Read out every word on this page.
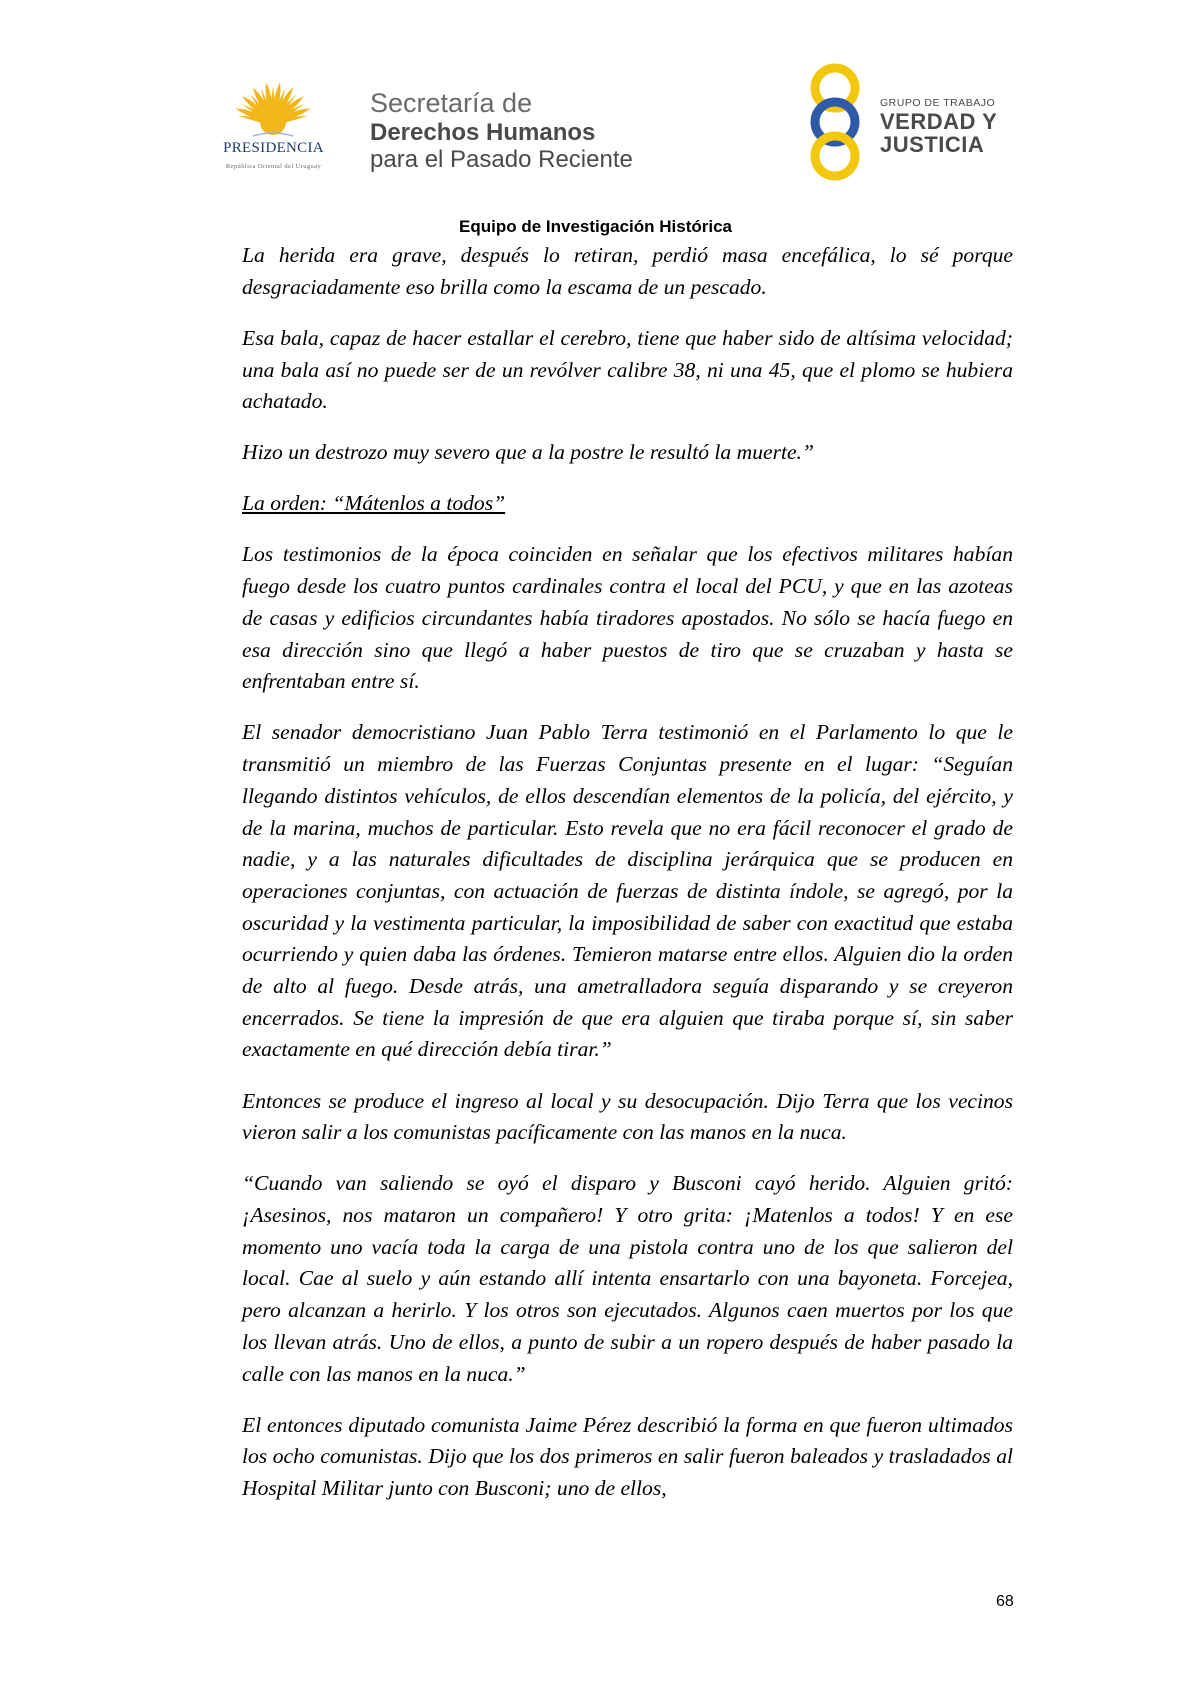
PRESIDENCIA
República Oriental del Uruguay
Secretaría de
Derechos Humanos
para el Pasado Reciente
GRUPO DE TRABAJO
VERDAD Y
JUSTICIA
Equipo de Investigación Histórica

La herida era grave, después lo retiran, perdió masa encefálica, lo sé porque desgraciadamente eso brilla como la escama de un pescado.

Esa bala, capaz de hacer estallar el cerebro, tiene que haber sido de altísima velocidad; una bala así no puede ser de un revólver calibre 38, ni una 45, que el plomo se hubiera achatado.

Hizo un destrozo muy severo que a la postre le resultó la muerte.”

La orden: “Mátenlos a todos”

Los testimonios de la época coinciden en señalar que los efectivos militares habían fuego desde los cuatro puntos cardinales contra el local del PCU, y que en las azoteas de casas y edificios circundantes había tiradores apostados. No sólo se hacía fuego en esa dirección sino que llegó a haber puestos de tiro que se cruzaban y hasta se enfrentaban entre sí.

El senador democristiano Juan Pablo Terra testimonió en el Parlamento lo que le transmitió un miembro de las Fuerzas Conjuntas presente en el lugar: “Seguían llegando distintos vehículos, de ellos descendían elementos de la policía, del ejército, y de la marina, muchos de particular. Esto revela que no era fácil reconocer el grado de nadie, y a las naturales dificultades de disciplina jerárquica que se producen en operaciones conjuntas, con actuación de fuerzas de distinta índole, se agregó, por la oscuridad y la vestimenta particular, la imposibilidad de saber con exactitud que estaba ocurriendo y quien daba las órdenes. Temieron matarse entre ellos. Alguien dio la orden de alto al fuego. Desde atrás, una ametralladora seguía disparando y se creyeron encerrados. Se tiene la impresión de que era alguien que tiraba porque sí, sin saber exactamente en qué dirección debía tirar.”

Entonces se produce el ingreso al local y su desocupación. Dijo Terra que los vecinos vieron salir a los comunistas pacíficamente con las manos en la nuca.

“Cuando van saliendo se oyó el disparo y Busconi cayó herido. Alguien gritó: ¡Asesinos, nos mataron un compañero! Y otro grita: ¡Matenlos a todos! Y en ese momento uno vacía toda la carga de una pistola contra uno de los que salieron del local. Cae al suelo y aún estando allí intenta ensartarlo con una bayoneta. Forcejea, pero alcanzan a herirlo. Y los otros son ejecutados. Algunos caen muertos por los que los llevan atrás. Uno de ellos, a punto de subir a un ropero después de haber pasado la calle con las manos en la nuca.”

El entonces diputado comunista Jaime Pérez describió la forma en que fueron ultimados los ocho comunistas. Dijo que los dos primeros en salir fueron baleados y trasladados al Hospital Militar junto con Busconi; uno de ellos,

68
